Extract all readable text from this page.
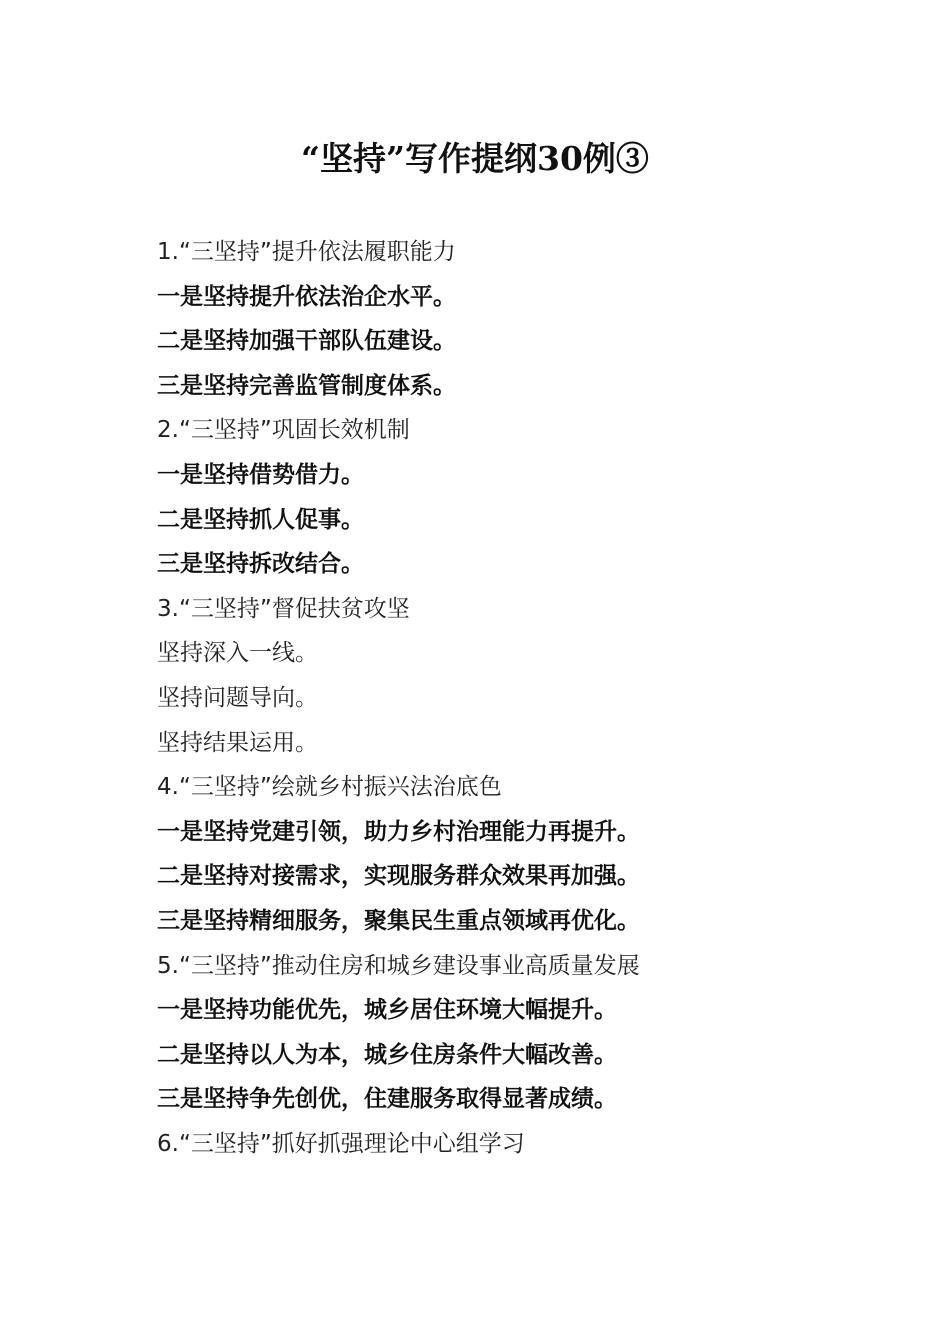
“坚持”写作提纲30例③
1.“三坚持”提升依法履职能力
一是坚持提升依法治企水平。
二是坚持加强干部队伍建设。
三是坚持完善监管制度体系。
2.“三坚持”巩固长效机制
一是坚持借势借力。
二是坚持抓人促事。
三是坚持拆改结合。
3.“三坚持”督促扶贫攻坚
坚持深入一线。
坚持问题导向。
坚持结果运用。
4.“三坚持”绘就乡村振兴法治底色
一是坚持党建引领，助力乡村治理能力再提升。
二是坚持对接需求，实现服务群众效果再加强。
三是坚持精细服务，聚集民生重点领域再优化。
5.“三坚持”推动住房和城乡建设事业高质量发展
一是坚持功能优先，城乡居住环境大幅提升。
二是坚持以人为本，城乡住房条件大幅改善。
三是坚持争先创优，住建服务取得显著成绩。
6.“三坚持”抓好抓强理论中心组学习
